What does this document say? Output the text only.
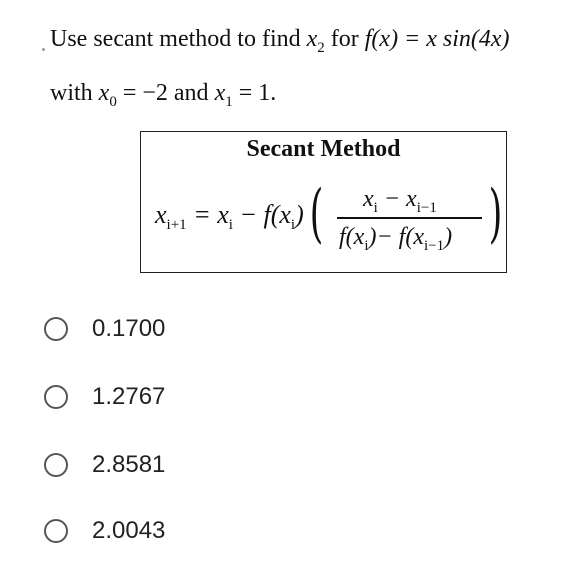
Use secant method to find $x_2$ for f(x) = x sin(4x)
with $x_0 = -2$ and $x_1 = 1$.
Secant Method
$x_{i+1} = x_i - f(x_i)$ ( $x_i - x_{i-1}$
$f(x_i)- f(x_{i-1})$ )
0.1700
1.2767
2.8581
2.0043
